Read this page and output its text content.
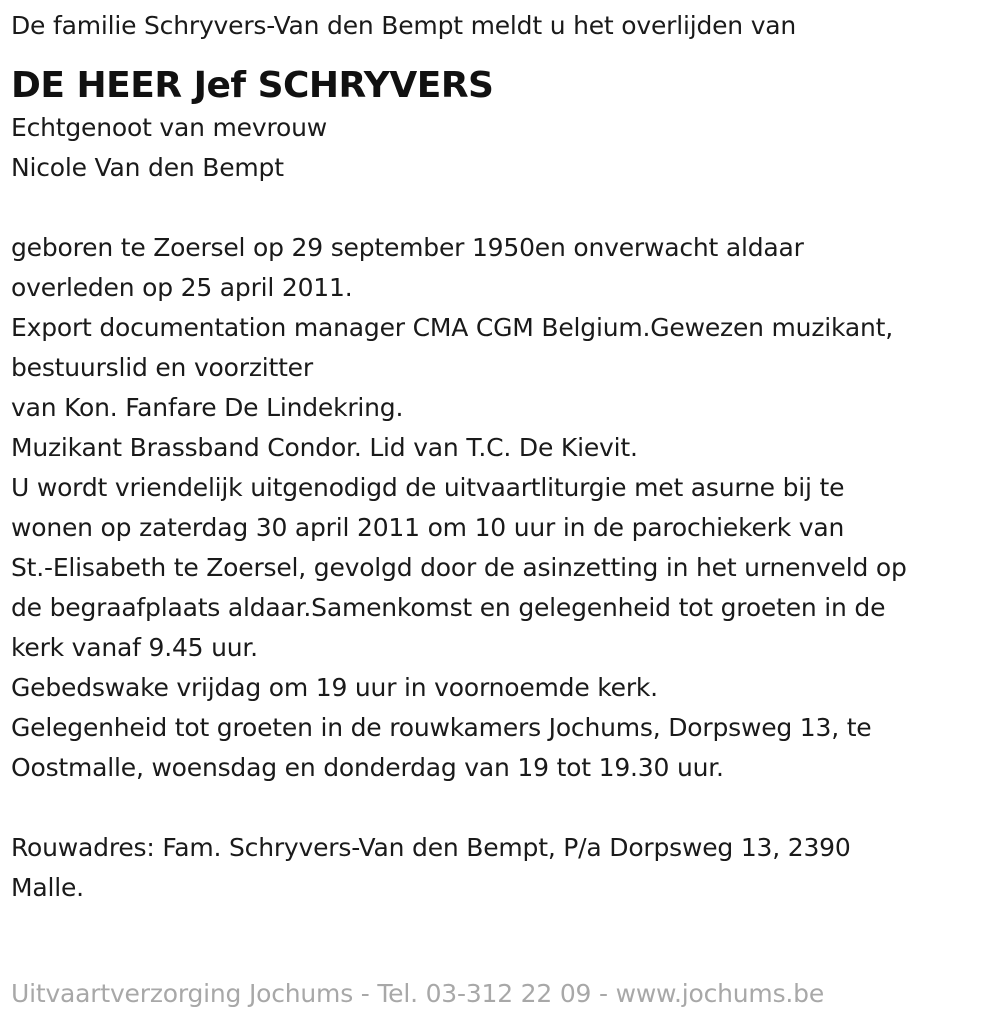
De familie Schryvers-Van den Bempt meldt u het overlijden van
DE HEER Jef SCHRYVERS
Echtgenoot van mevrouw
Nicole Van den Bempt
geboren te Zoersel op 29 september 1950en onverwacht aldaar
overleden op 25 april 2011.
Export documentation manager CMA CGM Belgium.Gewezen muzikant,
bestuurslid en voorzitter
van Kon. Fanfare De Lindekring.
Muzikant Brassband Condor. Lid van T.C. De Kievit.
U wordt vriendelijk uitgenodigd de uitvaartliturgie met asurne bij te
wonen op zaterdag 30 april 2011 om 10 uur in de parochiekerk van
St.-Elisabeth te Zoersel, gevolgd door de asinzetting in het urnenveld op
de begraafplaats aldaar.Samenkomst en gelegenheid tot groeten in de
kerk vanaf 9.45 uur.
Gebedswake vrijdag om 19 uur in voornoemde kerk.
Gelegenheid tot groeten in de rouwkamers Jochums, Dorpsweg 13, te
Oostmalle, woensdag en donderdag van 19 tot 19.30 uur.
Rouwadres: Fam. Schryvers-Van den Bempt, P/a Dorpsweg 13, 2390
Malle.
Uitvaartverzorging Jochums - Tel. 03-312 22 09 - www.jochums.be
